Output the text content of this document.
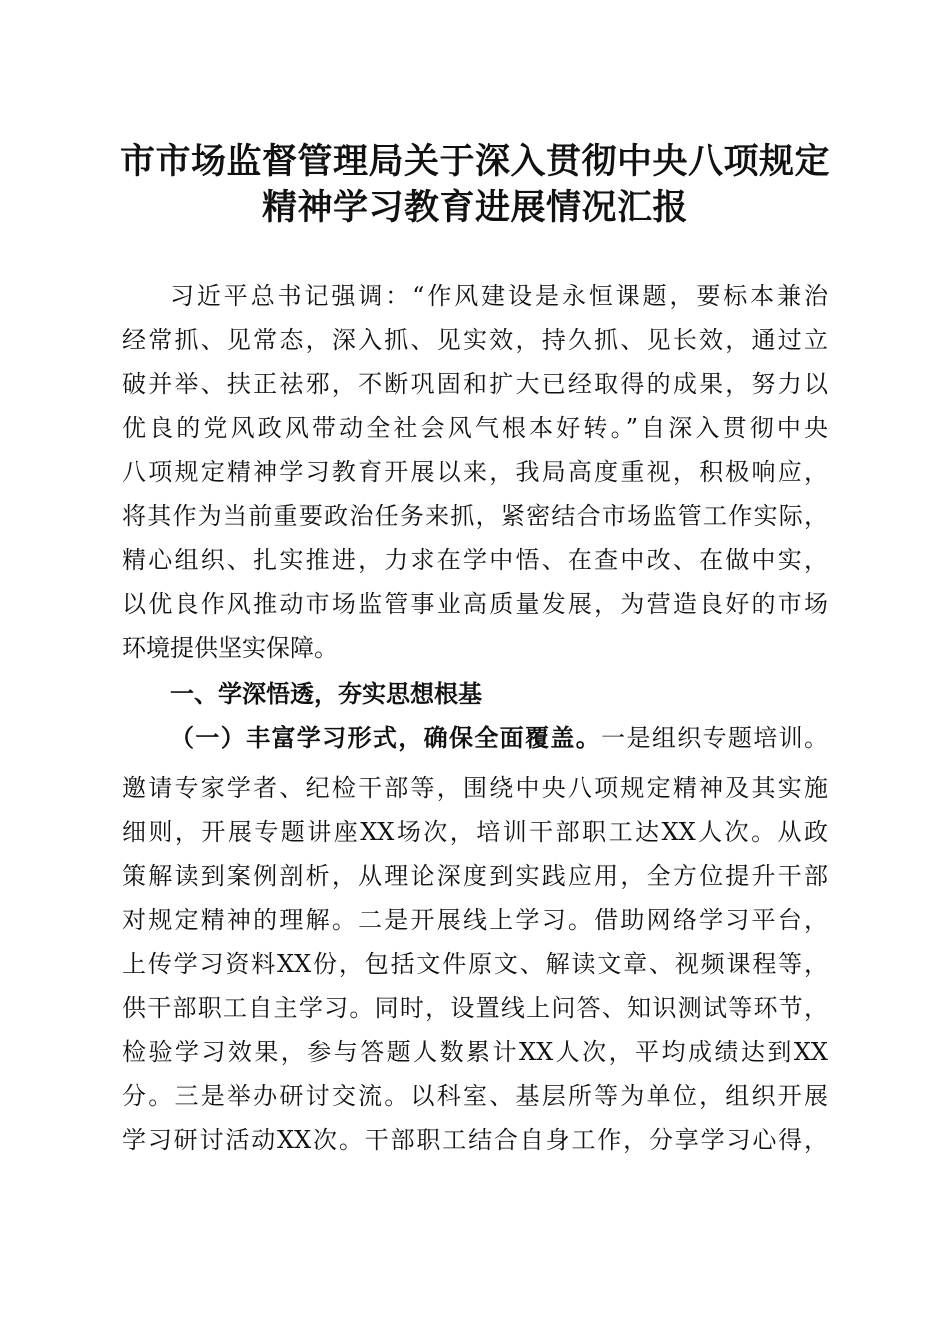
市市场监督管理局关于深入贯彻中央八项规定
精神学习教育进展情况汇报
习近平总书记强调：“作风建设是永恒课题，要标本兼治
经常抓、见常态，深入抓、见实效，持久抓、见长效，通过立
破并举、扶正祛邪，不断巩固和扩大已经取得的成果，努力以
优良的党风政风带动全社会风气根本好转。”自深入贯彻中央
八项规定精神学习教育开展以来，我局高度重视，积极响应，
将其作为当前重要政治任务来抓，紧密结合市场监管工作实际，
精心组织、扎实推进，力求在学中悟、在查中改、在做中实，
以优良作风推动市场监管事业高质量发展，为营造良好的市场
环境提供坚实保障。
一、学深悟透，夯实思想根基
（一）丰富学习形式，确保全面覆盖。一是组织专题培训。
邀请专家学者、纪检干部等，围绕中央八项规定精神及其实施
细则，开展专题讲座XX场次，培训干部职工达XX人次。从政
策解读到案例剖析，从理论深度到实践应用，全方位提升干部
对规定精神的理解。二是开展线上学习。借助网络学习平台，
上传学习资料XX份，包括文件原文、解读文章、视频课程等，
供干部职工自主学习。同时，设置线上问答、知识测试等环节，
检验学习效果，参与答题人数累计XX人次，平均成绩达到XX
分。三是举办研讨交流。以科室、基层所等为单位，组织开展
学习研讨活动XX次。干部职工结合自身工作，分享学习心得，
